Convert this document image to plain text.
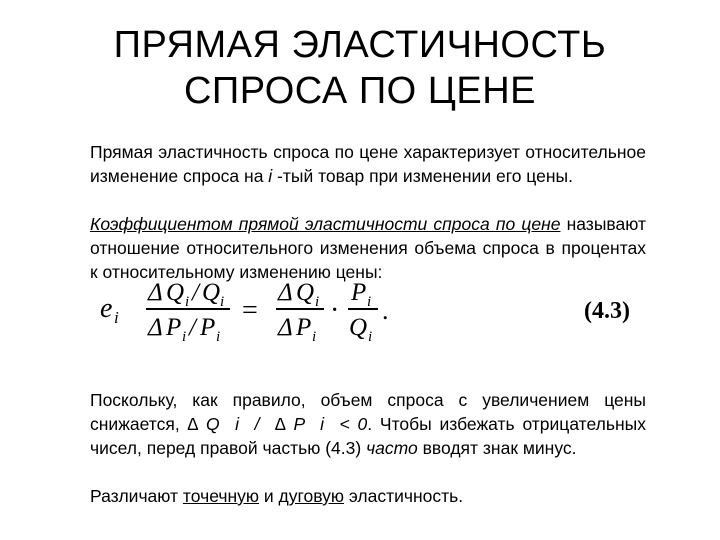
ПРЯМАЯ ЭЛАСТИЧНОСТЬ
СПРОСА ПО ЦЕНЕ
Прямая эластичность спроса по цене характеризует относительное изменение спроса на i -тый товар при изменении его цены.
Коэффициентом прямой эластичности спроса по цене называют отношение относительного изменения объема спроса в процентах к относительному изменению цены:
e i
Δ Q i / Q i
Δ P i / P i
=
Δ Q i
Δ P i
·
P i
Q i
.	(4.3)
Поскольку, как правило, объем спроса с увеличением цены снижается, ∆ Q  i  /  ∆ P  i  < 0. Чтобы избежать отрицательных чисел, перед правой частью (4.3) часто вводят знак минус.
Различают точечную и дуговую эластичность.
